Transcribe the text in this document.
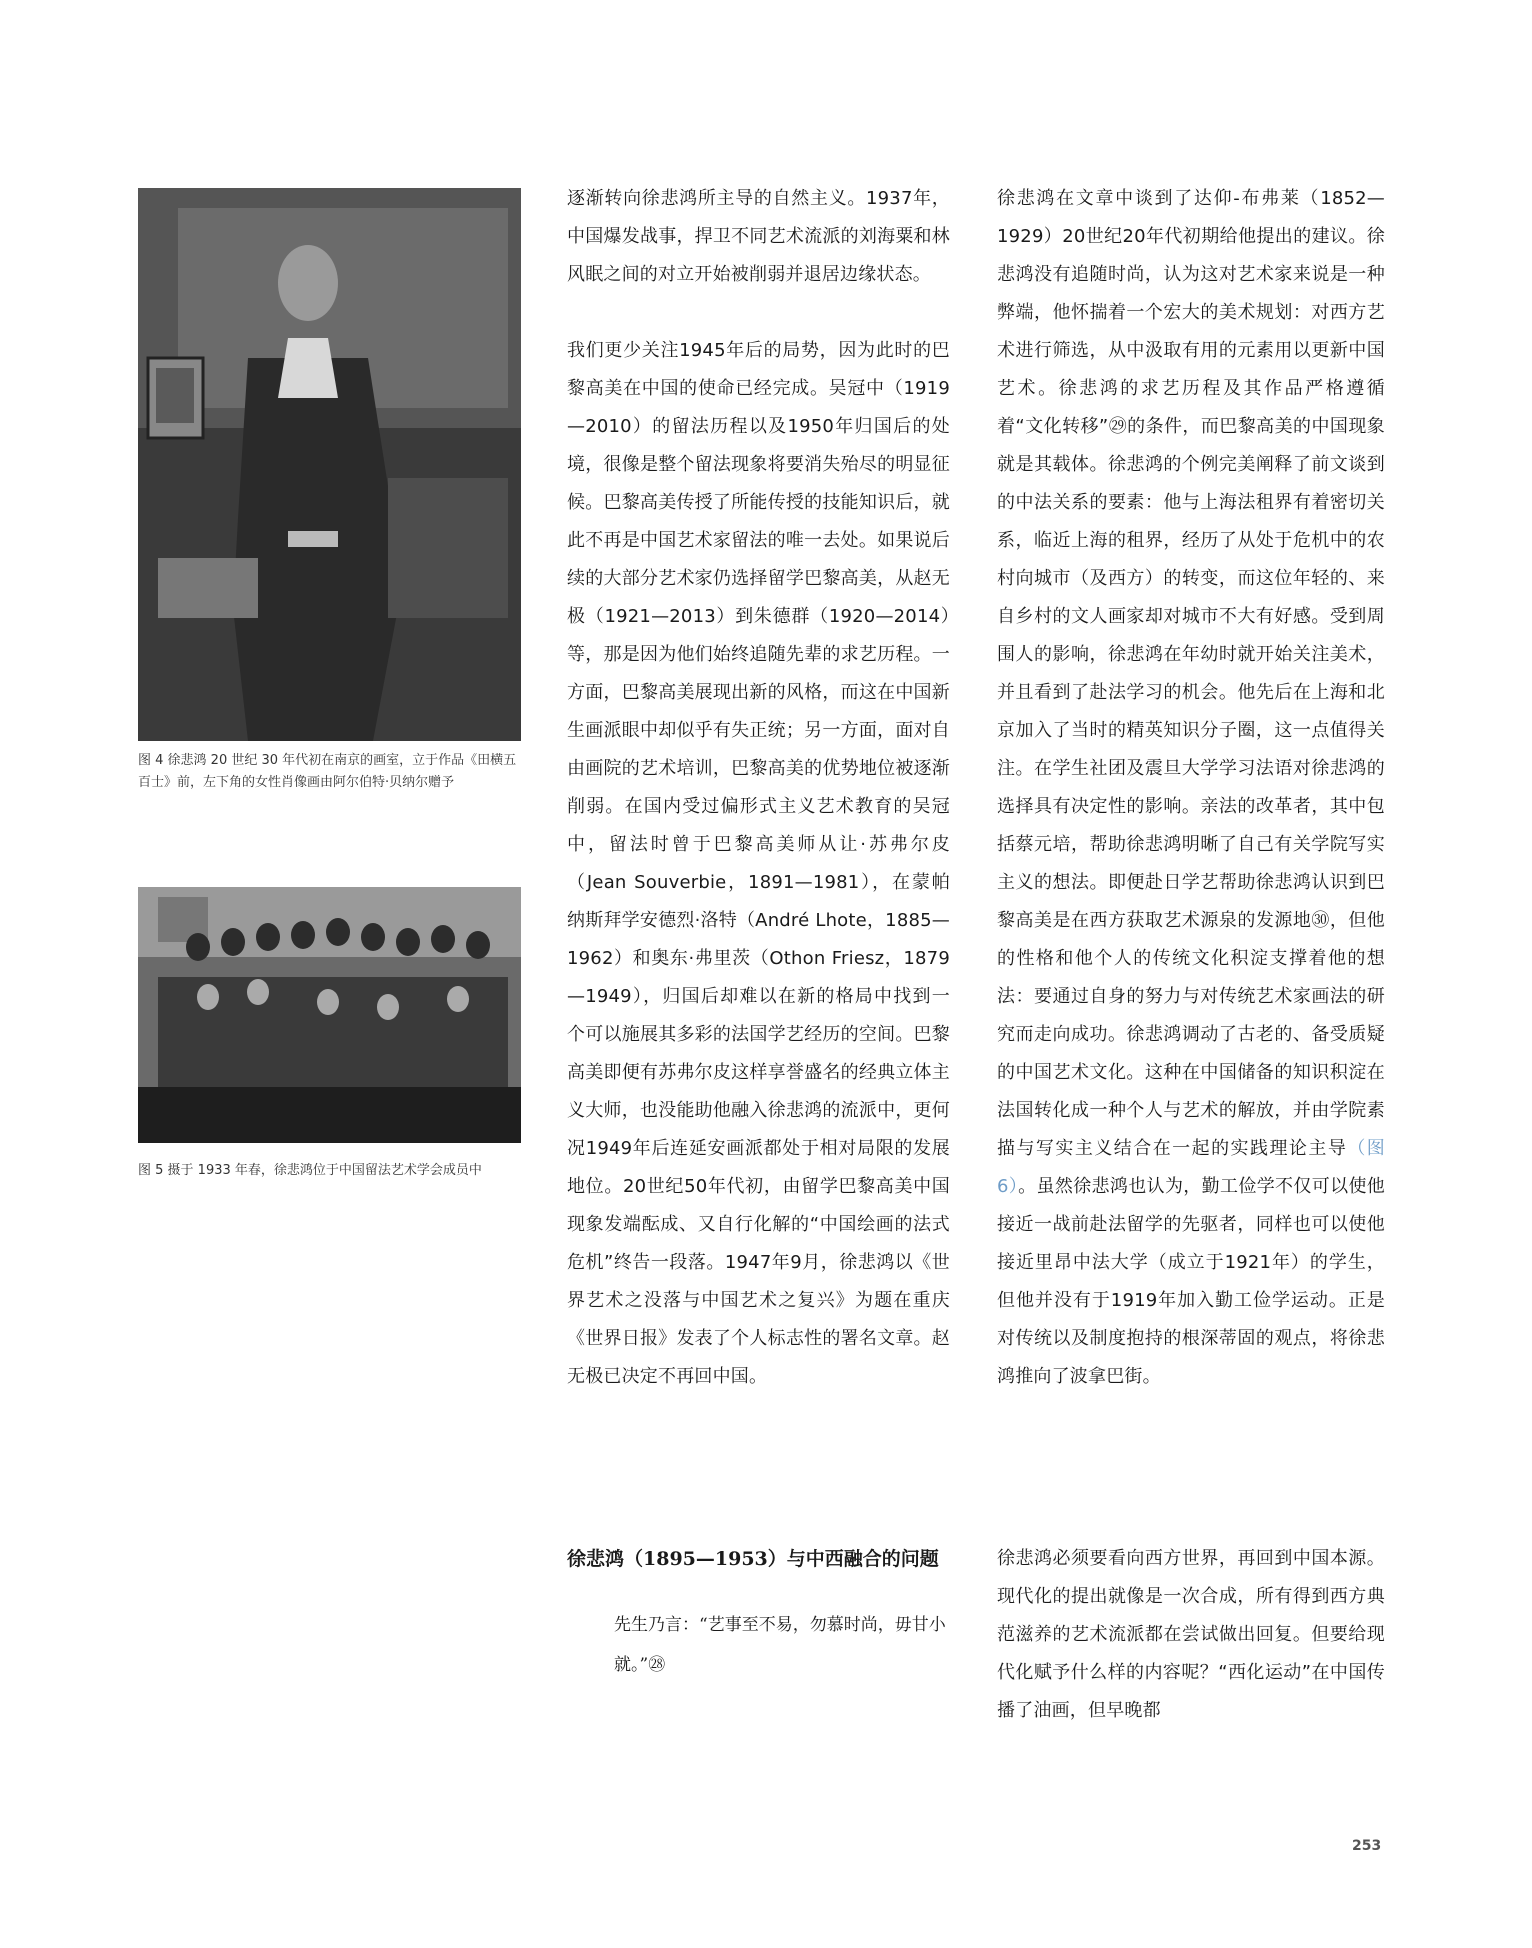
图 4 徐悲鸿 20 世纪 30 年代初在南京的画室，立于作品《田横五百士》前，左下角的女性肖像画由阿尔伯特·贝纳尔赠予
图 5 摄于 1933 年春，徐悲鸿位于中国留法艺术学会成员中

逐渐转向徐悲鸿所主导的自然主义。1937年，中国爆发战事，捍卫不同艺术流派的刘海粟和林风眠之间的对立开始被削弱并退居边缘状态。

我们更少关注1945年后的局势，因为此时的巴黎高美在中国的使命已经完成。吴冠中（1919—2010）的留法历程以及1950年归国后的处境，很像是整个留法现象将要消失殆尽的明显征候。巴黎高美传授了所能传授的技能知识后，就此不再是中国艺术家留法的唯一去处。如果说后续的大部分艺术家仍选择留学巴黎高美，从赵无极（1921—2013）到朱德群（1920—2014）等，那是因为他们始终追随先辈的求艺历程。一方面，巴黎高美展现出新的风格，而这在中国新生画派眼中却似乎有失正统；另一方面，面对自由画院的艺术培训，巴黎高美的优势地位被逐渐削弱。在国内受过偏形式主义艺术教育的吴冠中，留法时曾于巴黎高美师从让·苏弗尔皮（Jean Souverbie，1891—1981），在蒙帕纳斯拜学安德烈·洛特（André Lhote，1885—1962）和奥东·弗里茨（Othon Friesz，1879—1949），归国后却难以在新的格局中找到一个可以施展其多彩的法国学艺经历的空间。巴黎高美即便有苏弗尔皮这样享誉盛名的经典立体主义大师，也没能助他融入徐悲鸿的流派中，更何况1949年后连延安画派都处于相对局限的发展地位。20世纪50年代初，由留学巴黎高美中国现象发端酝成、又自行化解的“中国绘画的法式危机”终告一段落。1947年9月，徐悲鸿以《世界艺术之没落与中国艺术之复兴》为题在重庆《世界日报》发表了个人标志性的署名文章。赵无极已决定不再回中国。

徐悲鸿（1895—1953）与中西融合的问题
先生乃言：“艺事至不易，勿慕时尚，毋甘小就。”㉘

徐悲鸿在文章中谈到了达仰-布弗莱（1852—1929）20世纪20年代初期给他提出的建议。徐悲鸿没有追随时尚，认为这对艺术家来说是一种弊端，他怀揣着一个宏大的美术规划：对西方艺术进行筛选，从中汲取有用的元素用以更新中国艺术。徐悲鸿的求艺历程及其作品严格遵循着“文化转移”㉙的条件，而巴黎高美的中国现象就是其载体。徐悲鸿的个例完美阐释了前文谈到的中法关系的要素：他与上海法租界有着密切关系，临近上海的租界，经历了从处于危机中的农村向城市（及西方）的转变，而这位年轻的、来自乡村的文人画家却对城市不大有好感。受到周围人的影响，徐悲鸿在年幼时就开始关注美术，并且看到了赴法学习的机会。他先后在上海和北京加入了当时的精英知识分子圈，这一点值得关注。在学生社团及震旦大学学习法语对徐悲鸿的选择具有决定性的影响。亲法的改革者，其中包括蔡元培，帮助徐悲鸿明晰了自己有关学院写实主义的想法。即便赴日学艺帮助徐悲鸿认识到巴黎高美是在西方获取艺术源泉的发源地㉚，但他的性格和他个人的传统文化积淀支撑着他的想法：要通过自身的努力与对传统艺术家画法的研究而走向成功。徐悲鸿调动了古老的、备受质疑的中国艺术文化。这种在中国储备的知识积淀在法国转化成一种个人与艺术的解放，并由学院素描与写实主义结合在一起的实践理论主导（图6）。虽然徐悲鸿也认为，勤工俭学不仅可以使他接近一战前赴法留学的先驱者，同样也可以使他接近里昂中法大学（成立于1921年）的学生，但他并没有于1919年加入勤工俭学运动。正是对传统以及制度抱持的根深蒂固的观点，将徐悲鸿推向了波拿巴街。

徐悲鸿必须要看向西方世界，再回到中国本源。现代化的提出就像是一次合成，所有得到西方典范滋养的艺术流派都在尝试做出回复。但要给现代化赋予什么样的内容呢？“西化运动”在中国传播了油画，但早晚都

253
